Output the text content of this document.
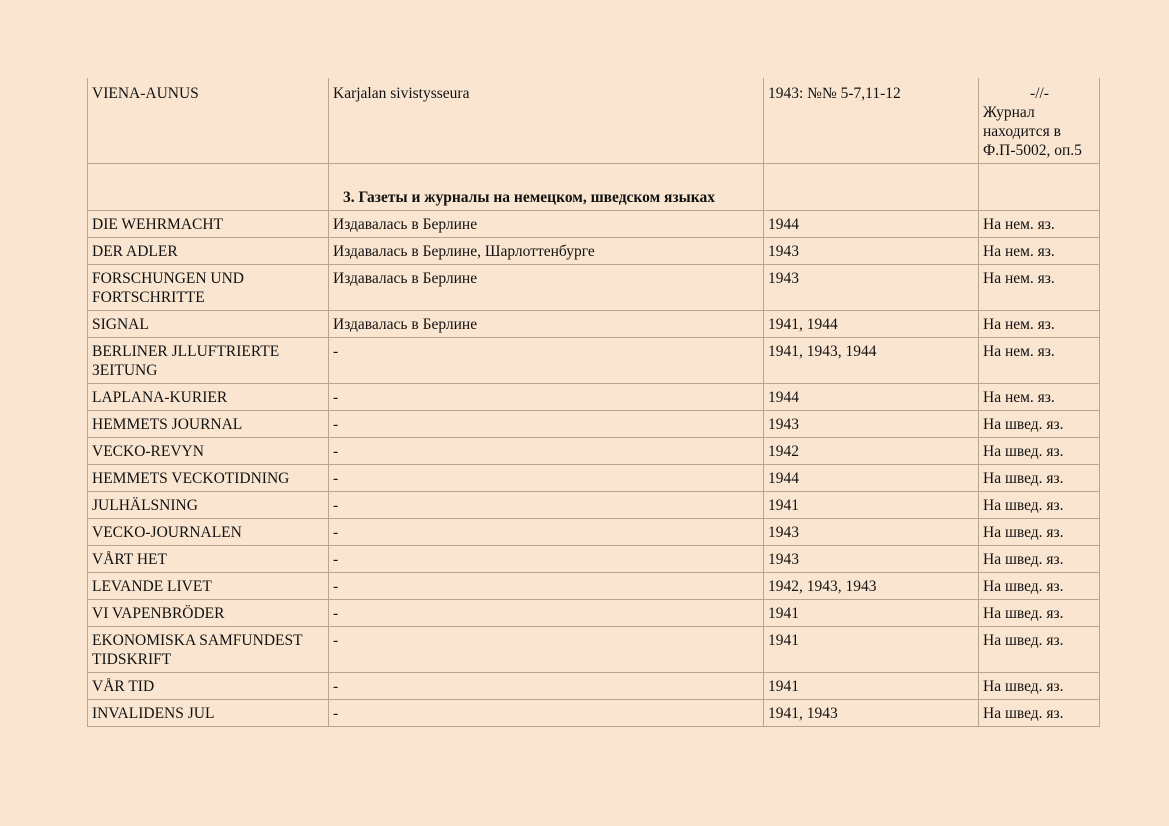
VIENA-AUNUS	Karjalan sivistysseura	1943: №№ 5-7,11-12	-//-
Журнал находится в Ф.П-5002, оп.5

	3. Газеты и журналы на немецком, шведском языках		

DIE WEHRMACHT	Издавалась в Берлине	1944	На нем. яз.
DER ADLER	Издавалась в Берлине, Шарлоттенбурге	1943	На нем. яз.
FORSCHUNGEN UND FORTSCHRITTE	Издавалась в Берлине	1943	На нем. яз.
SIGNAL	Издавалась в Берлине	1941, 1944	На нем. яз.
BERLINER JLLUFTRIERTE ЗEITUNG	-	1941, 1943, 1944	На нем. яз.
LAPLANA-KURIER	-	1944	На нем. яз.
HEMMETS JOURNAL	-	1943	На швед. яз.
VECKO-REVYN	-	1942	На швед. яз.
HEMMETS VECKOTIDNING	-	1944	На швед. яз.
JULHÄLSNING	-	1941	На швед. яз.
VECKO-JOURNALEN	-	1943	На швед. яз.
VÅRT HET	-	1943	На швед. яз.
LEVANDE LIVET	-	1942, 1943, 1943	На швед. яз.
VI VAPENBRÖDER	-	1941	На швед. яз.
EKONOMISKA SAMFUNDEST TIDSKRIFT	-	1941	На швед. яз.
VÅR TID	-	1941	На швед. яз.
INVALIDENS JUL	-	1941, 1943	На швед. яз.
